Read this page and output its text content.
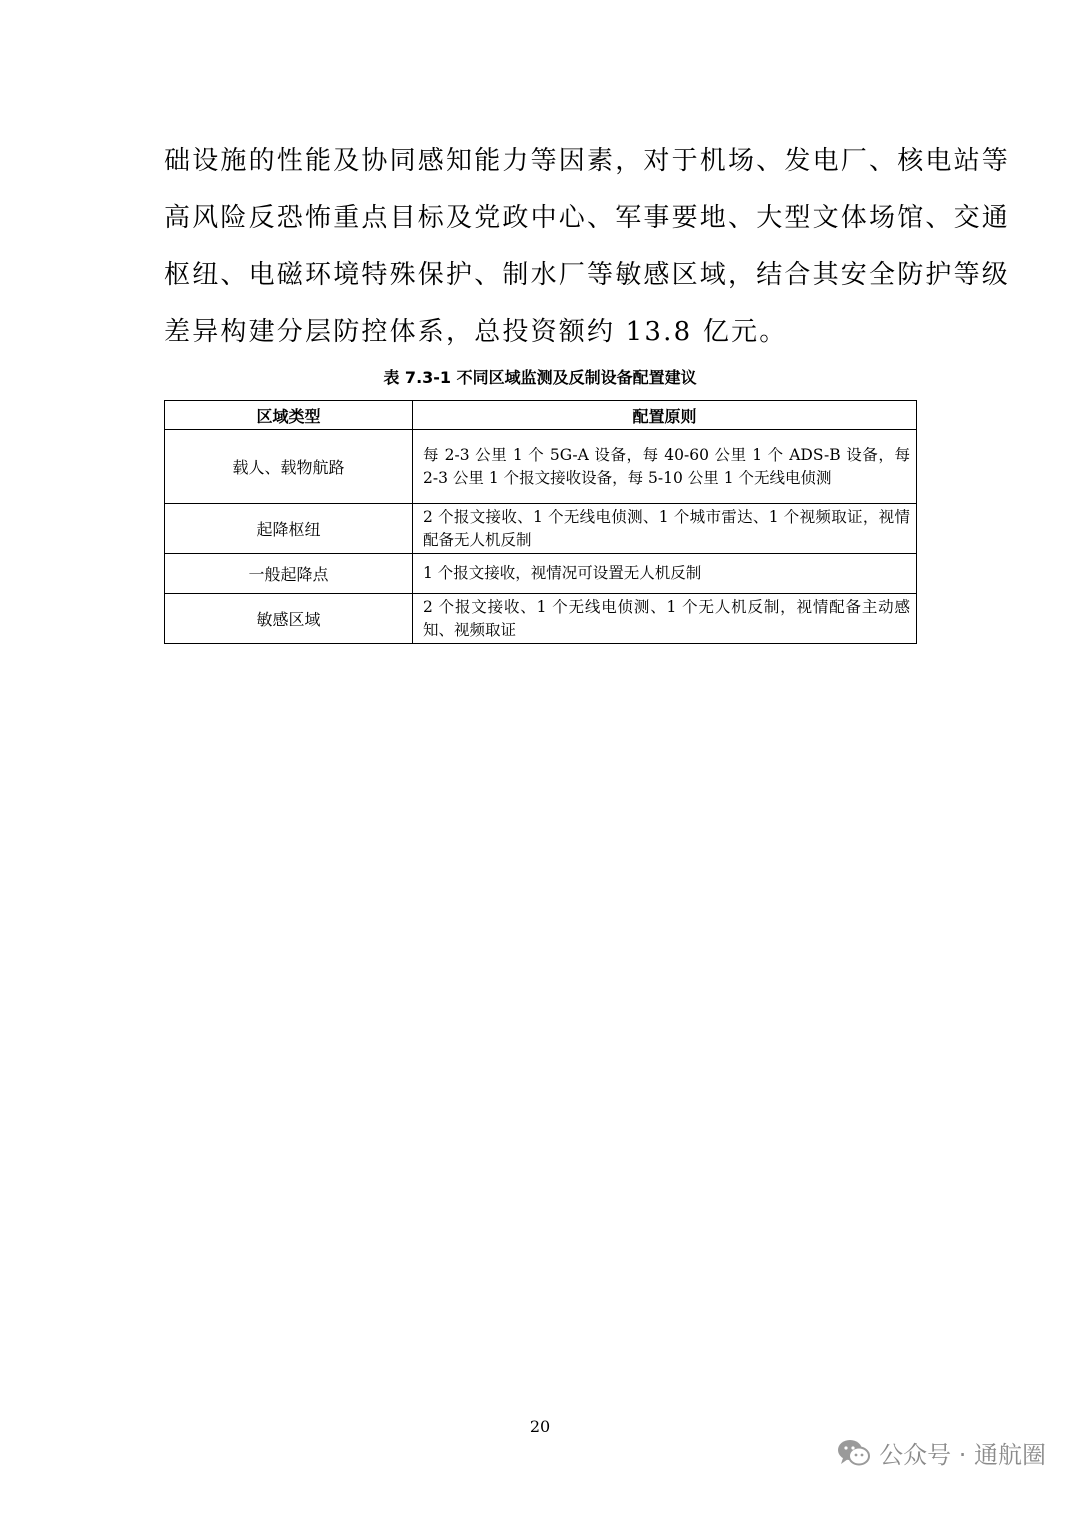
础设施的性能及协同感知能力等因素，对于机场、发电厂、核电站等
高风险反恐怖重点目标及党政中心、军事要地、大型文体场馆、交通
枢纽、电磁环境特殊保护、制水厂等敏感区域，结合其安全防护等级
差异构建分层防控体系，总投资额约 13.8 亿元。
表 7.3-1 不同区域监测及反制设备配置建议
区域类型	配置原则
载人、载物航路	每 2-3 公里 1 个 5G-A 设备，每 40-60 公里 1 个 ADS-B 设备，每 2-3 公里 1 个报文接收设备，每 5-10 公里 1 个无线电侦测
起降枢纽	2 个报文接收、1 个无线电侦测、1 个城市雷达、1 个视频取证，视情配备无人机反制
一般起降点	1 个报文接收，视情况可设置无人机反制
敏感区域	2 个报文接收、1 个无线电侦测、1 个无人机反制，视情配备主动感知、视频取证
20
公众号 · 通航圈
